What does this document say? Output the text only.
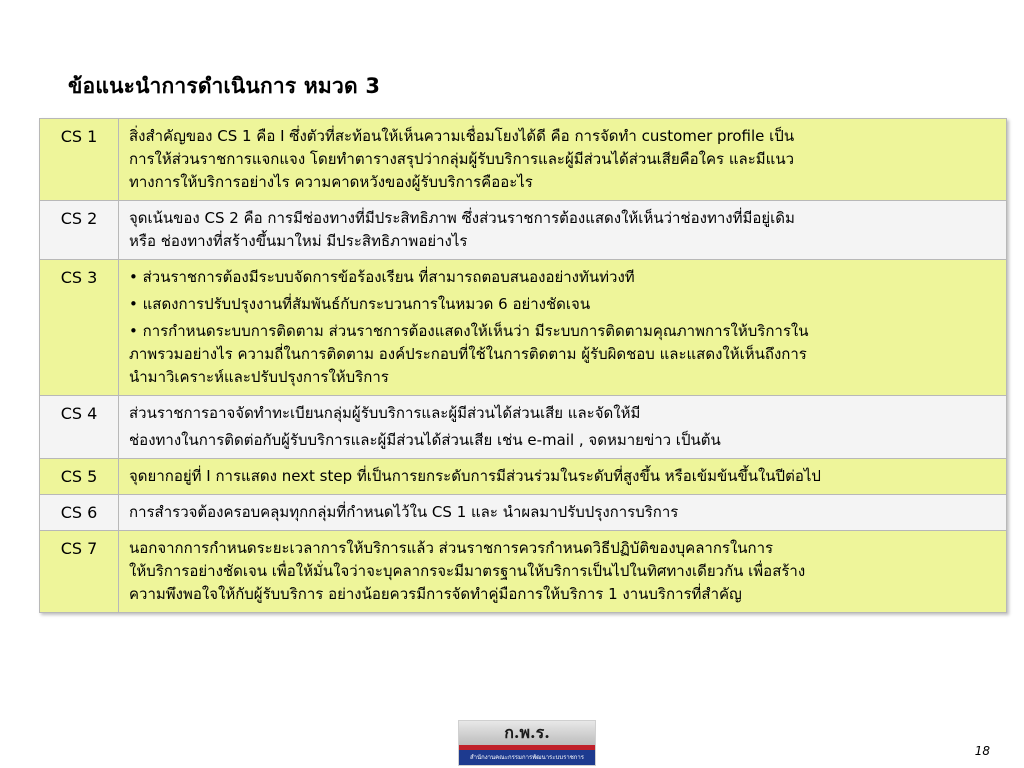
ข้อแนะนำการดำเนินการ หมวด 3
CS 1	สิ่งสำคัญของ CS 1 คือ I ซึ่งตัวที่สะท้อนให้เห็นความเชื่อมโยงได้ดี คือ การจัดทำ customer profile เป็น
การให้ส่วนราชการแจกแจง โดยทำตารางสรุปว่ากลุ่มผู้รับบริการและผู้มีส่วนได้ส่วนเสียคือใคร และมีแนว
ทางการให้บริการอย่างไร ความคาดหวังของผู้รับบริการคืออะไร

CS 2	จุดเน้นของ CS 2 คือ การมีช่องทางที่มีประสิทธิภาพ ซึ่งส่วนราชการต้องแสดงให้เห็นว่าช่องทางที่มีอยู่เดิม
หรือ ช่องทางที่สร้างขึ้นมาใหม่ มีประสิทธิภาพอย่างไร

CS 3	• ส่วนราชการต้องมีระบบจัดการข้อร้องเรียน ที่สามารถตอบสนองอย่างทันท่วงที
• แสดงการปรับปรุงงานที่สัมพันธ์กับกระบวนการในหมวด 6 อย่างชัดเจน
• การกำหนดระบบการติดตาม ส่วนราชการต้องแสดงให้เห็นว่า มีระบบการติดตามคุณภาพการให้บริการใน
ภาพรวมอย่างไร ความถี่ในการติดตาม องค์ประกอบที่ใช้ในการติดตาม ผู้รับผิดชอบ และแสดงให้เห็นถึงการ
นำมาวิเคราะห์และปรับปรุงการให้บริการ

CS 4	ส่วนราชการอาจจัดทำทะเบียนกลุ่มผู้รับบริการและผู้มีส่วนได้ส่วนเสีย และจัดให้มี
ช่องทางในการติดต่อกับผู้รับบริการและผู้มีส่วนได้ส่วนเสีย เช่น e-mail , จดหมายข่าว เป็นต้น

CS 5	จุดยากอยู่ที่ I การแสดง next step ที่เป็นการยกระดับการมีส่วนร่วมในระดับที่สูงขึ้น หรือเข้มข้นขึ้นในปีต่อไป

CS 6	การสำรวจต้องครอบคลุมทุกกลุ่มที่กำหนดไว้ใน CS 1 และ นำผลมาปรับปรุงการบริการ

CS 7	นอกจากการกำหนดระยะเวลาการให้บริการแล้ว ส่วนราชการควรกำหนดวิธีปฏิบัติของบุคลากรในการ
ให้บริการอย่างชัดเจน เพื่อให้มั่นใจว่าจะบุคลากรจะมีมาตรฐานให้บริการเป็นไปในทิศทางเดียวกัน เพื่อสร้าง
ความพึงพอใจให้กับผู้รับบริการ อย่างน้อยควรมีการจัดทำคู่มือการให้บริการ 1 งานบริการที่สำคัญ
ก.พ.ร.
สำนักงานคณะกรรมการพัฒนาระบบราชการ	18
